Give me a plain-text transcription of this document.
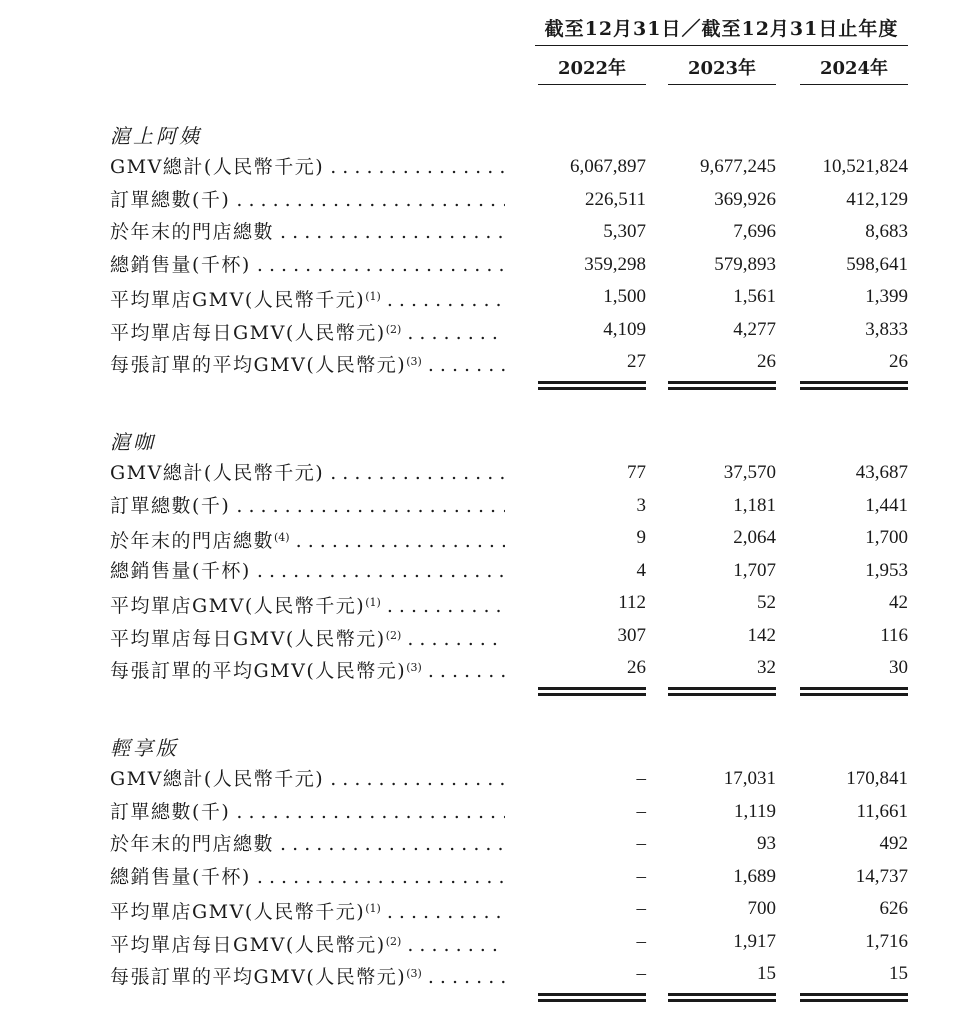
截至12月31日／截至12月31日止年度
2022年	2023年	2024年
滬上阿姨
GMV總計(人民幣千元) . . .	6,067,897	9,677,245	10,521,824
訂單總數(千) . . .	226,511	369,926	412,129
於年末的門店總數 . . .	5,307	7,696	8,683
總銷售量(千杯) . . .	359,298	579,893	598,641
平均單店GMV(人民幣千元)$^{(1)}$ . . .	1,500	1,561	1,399
平均單店每日GMV(人民幣元)$^{(2)}$ . . .	4,109	4,277	3,833
每張訂單的平均GMV(人民幣元)$^{(3)}$ . . .	27	26	26
滬咖
GMV總計(人民幣千元) . . .	77	37,570	43,687
訂單總數(千) . . .	3	1,181	1,441
於年末的門店總數$^{(4)}$ . . .	9	2,064	1,700
總銷售量(千杯) . . .	4	1,707	1,953
平均單店GMV(人民幣千元)$^{(1)}$ . . .	112	52	42
平均單店每日GMV(人民幣元)$^{(2)}$ . . .	307	142	116
每張訂單的平均GMV(人民幣元)$^{(3)}$ . . .	26	32	30
輕享版
GMV總計(人民幣千元) . . .	–	17,031	170,841
訂單總數(千) . . .	–	1,119	11,661
於年末的門店總數 . . .	–	93	492
總銷售量(千杯) . . .	–	1,689	14,737
平均單店GMV(人民幣千元)$^{(1)}$ . . .	–	700	626
平均單店每日GMV(人民幣元)$^{(2)}$ . . .	–	1,917	1,716
每張訂單的平均GMV(人民幣元)$^{(3)}$ . . .	–	15	15
